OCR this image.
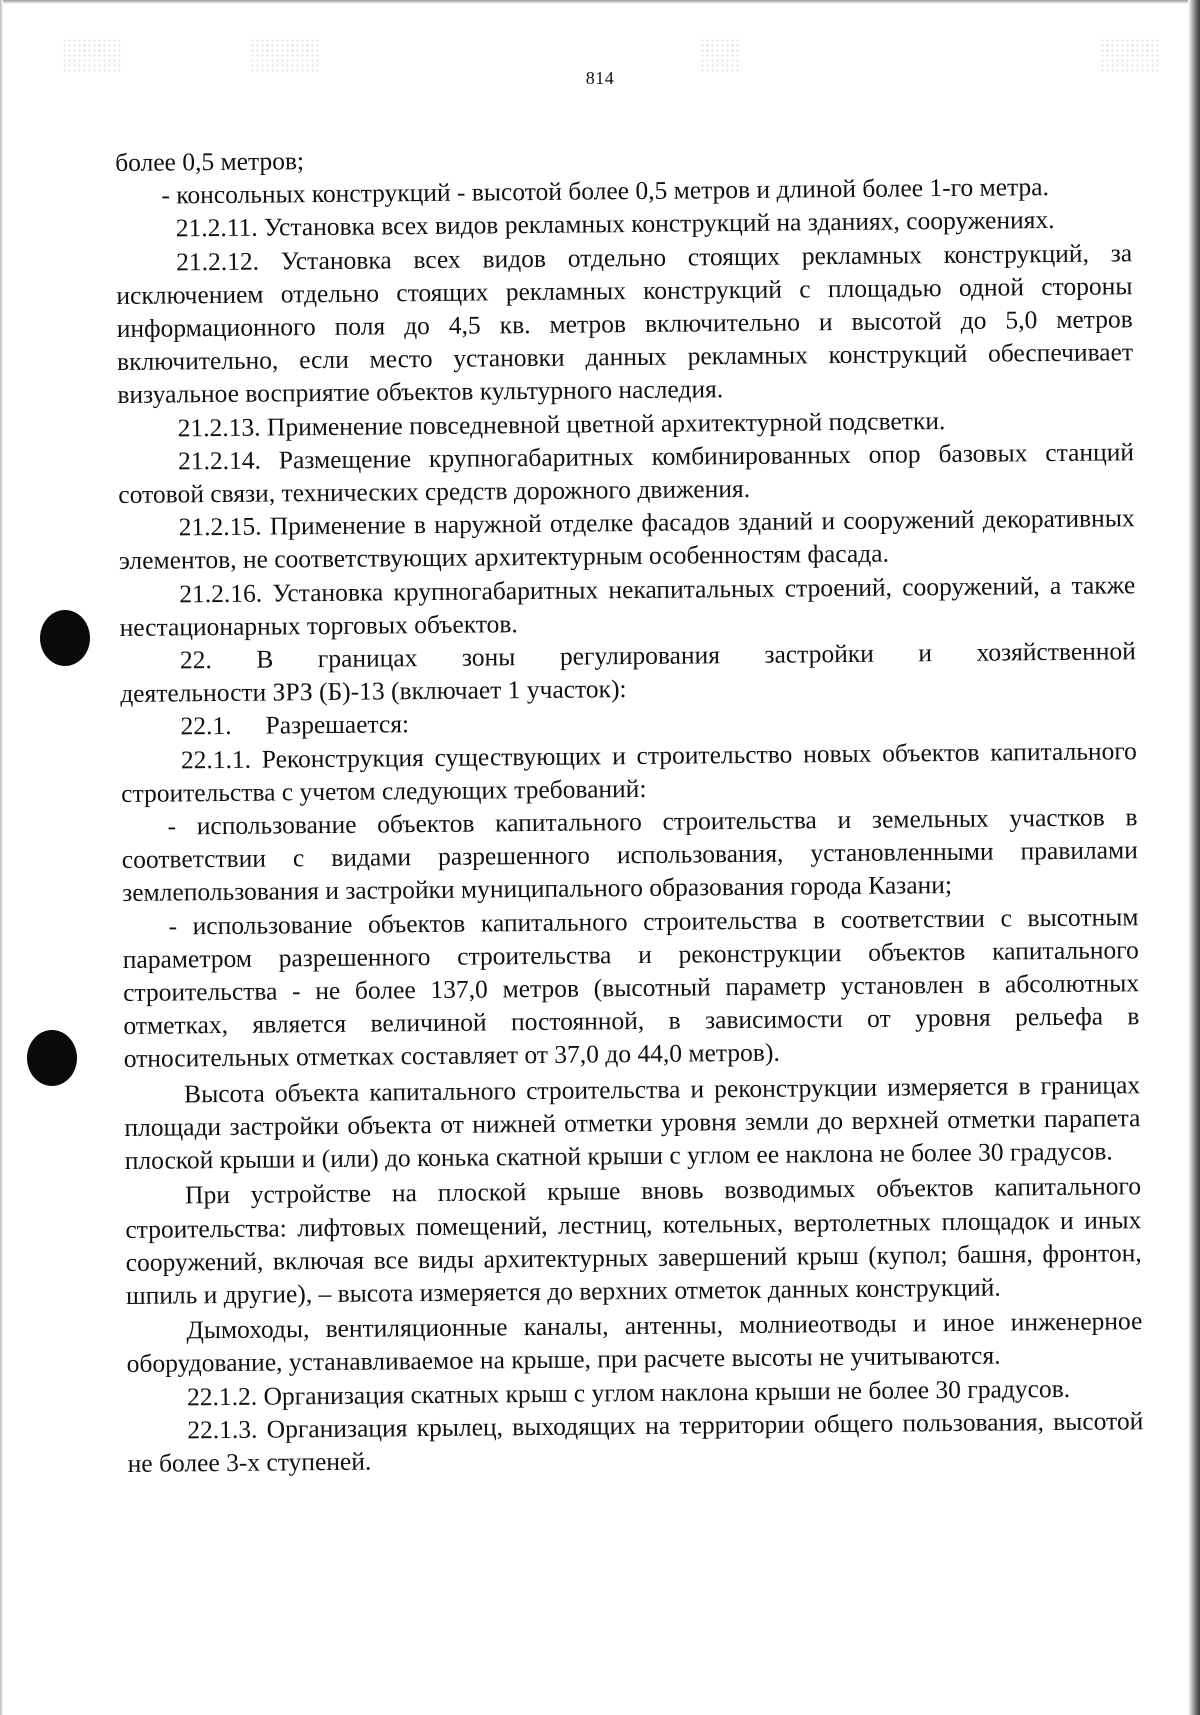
814

более 0,5 метров;

- консольных конструкций - высотой более 0,5 метров и длиной более 1-го метра.

21.2.11. Установка всех видов рекламных конструкций на зданиях, сооружениях.

21.2.12. Установка всех видов отдельно стоящих рекламных конструкций, за исключением отдельно стоящих рекламных конструкций с площадью одной стороны информационного поля до 4,5 кв. метров включительно и высотой до 5,0 метров включительно, если место установки данных рекламных конструкций обеспечивает визуальное восприятие объектов культурного наследия.

21.2.13. Применение повседневной цветной архитектурной подсветки.

21.2.14. Размещение крупногабаритных комбинированных опор базовых станций сотовой связи, технических средств дорожного движения.

21.2.15. Применение в наружной отделке фасадов зданий и сооружений декоративных элементов, не соответствующих архитектурным особенностям фасада.

21.2.16. Установка крупногабаритных некапитальных строений, сооружений, а также нестационарных торговых объектов.

22. В границах зоны регулирования застройки и хозяйственной

деятельности ЗРЗ (Б)-13 (включает 1 участок):

22.1. Разрешается:

22.1.1. Реконструкция существующих и строительство новых объектов капитального строительства с учетом следующих требований:

- использование объектов капитального строительства и земельных участков в соответствии с видами разрешенного использования, установленными правилами землепользования и застройки муниципального образования города Казани;

- использование объектов капитального строительства в соответствии с высотным параметром разрешенного строительства и реконструкции объектов капитального строительства - не более 137,0 метров (высотный параметр установлен в абсолютных отметках, является величиной постоянной, в зависимости от уровня рельефа в относительных отметках составляет от 37,0 до 44,0 метров).

Высота объекта капитального строительства и реконструкции измеряется в границах площади застройки объекта от нижней отметки уровня земли до верхней отметки парапета плоской крыши и (или) до конька скатной крыши с углом ее наклона не более 30 градусов.

При устройстве на плоской крыше вновь возводимых объектов капитального строительства: лифтовых помещений, лестниц, котельных, вертолетных площадок и иных сооружений, включая все виды архитектурных завершений крыш (купол; башня, фронтон, шпиль и другие), – высота измеряется до верхних отметок данных конструкций.

Дымоходы, вентиляционные каналы, антенны, молниеотводы и иное инженерное оборудование, устанавливаемое на крыше, при расчете высоты не учитываются.

22.1.2. Организация скатных крыш с углом наклона крыши не более 30 градусов.

22.1.3. Организация крылец, выходящих на территории общего пользования, высотой не более 3-х ступеней.
